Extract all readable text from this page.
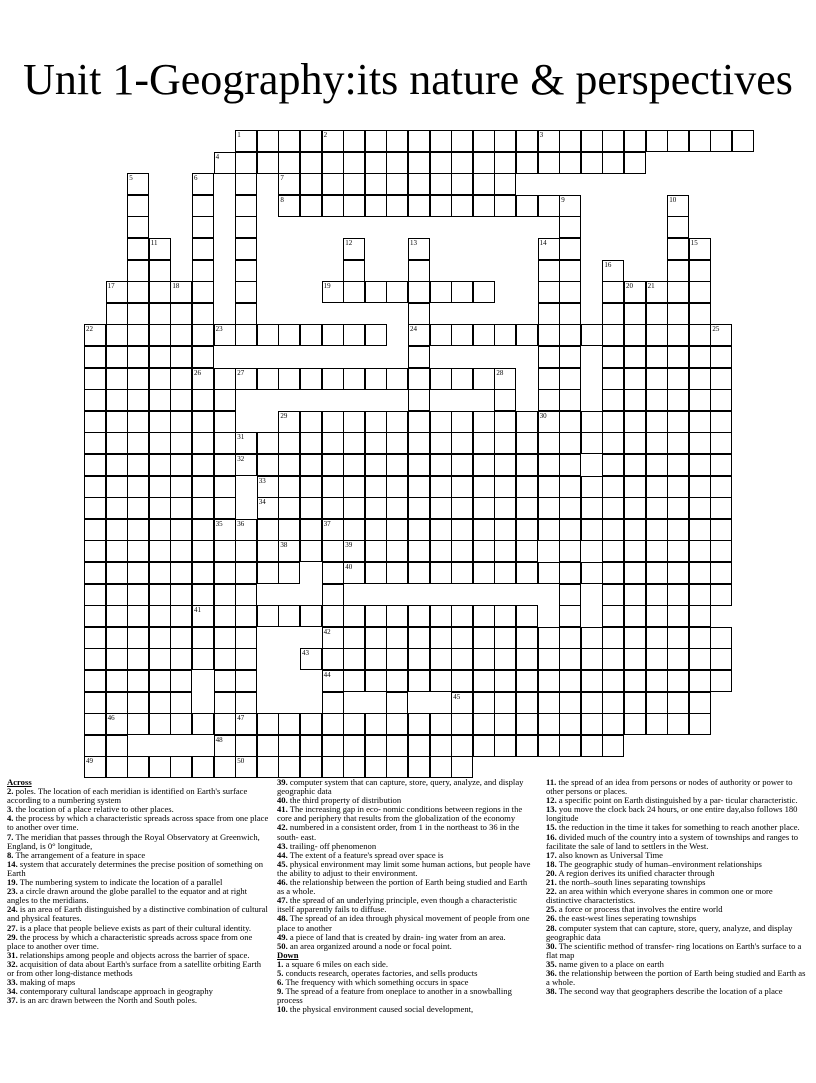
Unit 1-Geography:its nature & perspectives
1	2	3
4
7
8	9
19
23	24	25
27	28
29	30
31
32
33
34
35 36	37
38	39
40
41
42
43
44
45
46	47
48
49	50
5	6
26
10
11	12	13	14	15
16
17	18	20 21
22
Across
2. poles. The location of each meridian is identified on Earth's surface according to a numbering system
3. the location of a place relative to other places.
4. the process by which a characteristic spreads across space from one place to another over time.
7. The meridian that passes through the Royal Observatory at Greenwich, England, is 0° longitude,
8. The arrangement of a feature in space
14. system that accurately determines the precise position of something on Earth
19. The numbering system to indicate the location of a parallel
23. a circle drawn around the globe parallel to the equator and at right angles to the meridians.
24. is an area of Earth distinguished by a distinctive combination of cultural and physical features.
27. is a place that people believe exists as part of their cultural identity.
29. the process by which a characteristic spreads across space from one place to another over time.
31. relationships among people and objects across the barrier of space.
32. acquisition of data about Earth's surface from a satellite orbiting Earth or from other long-distance methods
33. making of maps
34. contemporary cultural landscape approach in geography
37. is an arc drawn between the North and South poles.
39. computer system that can capture, store, query, analyze, and display geographic data
40. the third property of distribution
41. The increasing gap in eco- nomic conditions between regions in the core and periphery that results from the globalization of the economy
42. numbered in a consistent order, from 1 in the northeast to 36 in the south- east.
43. trailing- off phenomenon
44. The extent of a feature's spread over space is
45. physical environment may limit some human actions, but people have the ability to adjust to their environment.
46. the relationship between the portion of Earth being studied and Earth as a whole.
47. the spread of an underlying principle, even though a characteristic itself apparently fails to diffuse.
48. The spread of an idea through physical movement of people from one place to another
49. a piece of land that is created by drain- ing water from an area.
50. an area organized around a node or focal point.
Down
1. a square 6 miles on each side.
5. conducts research, operates factories, and sells products
6. The frequency with which something occurs in space
9. The spread of a feature from oneplace to another in a snowballing process
10. the physical environment caused social development,
11. the spread of an idea from persons or nodes of authority or power to other persons or places.
12. a specific point on Earth distinguished by a par- ticular characteristic.
13. you move the clock back 24 hours, or one entire day,also follows 180 longitude
15. the reduction in the time it takes for something to reach another place.
16. divided much of the country into a system of townships and ranges to facilitate the sale of land to settlers in the West.
17. also known as Universal Time
18. The geographic study of human–environment relationships
20. A region derives its unified character through
21. the north–south lines separating townships
22. an area within which everyone shares in common one or more distinctive characteristics.
25. a force or process that involves the entire world
26. the east-west lines seperating townships
28. computer system that can capture, store, query, analyze, and display geographic data
30. The scientific method of transfer- ring locations on Earth's surface to a flat map
35. name given to a place on earth
36. the relationship between the portion of Earth being studied and Earth as a whole.
38. The second way that geographers describe the location of a place
